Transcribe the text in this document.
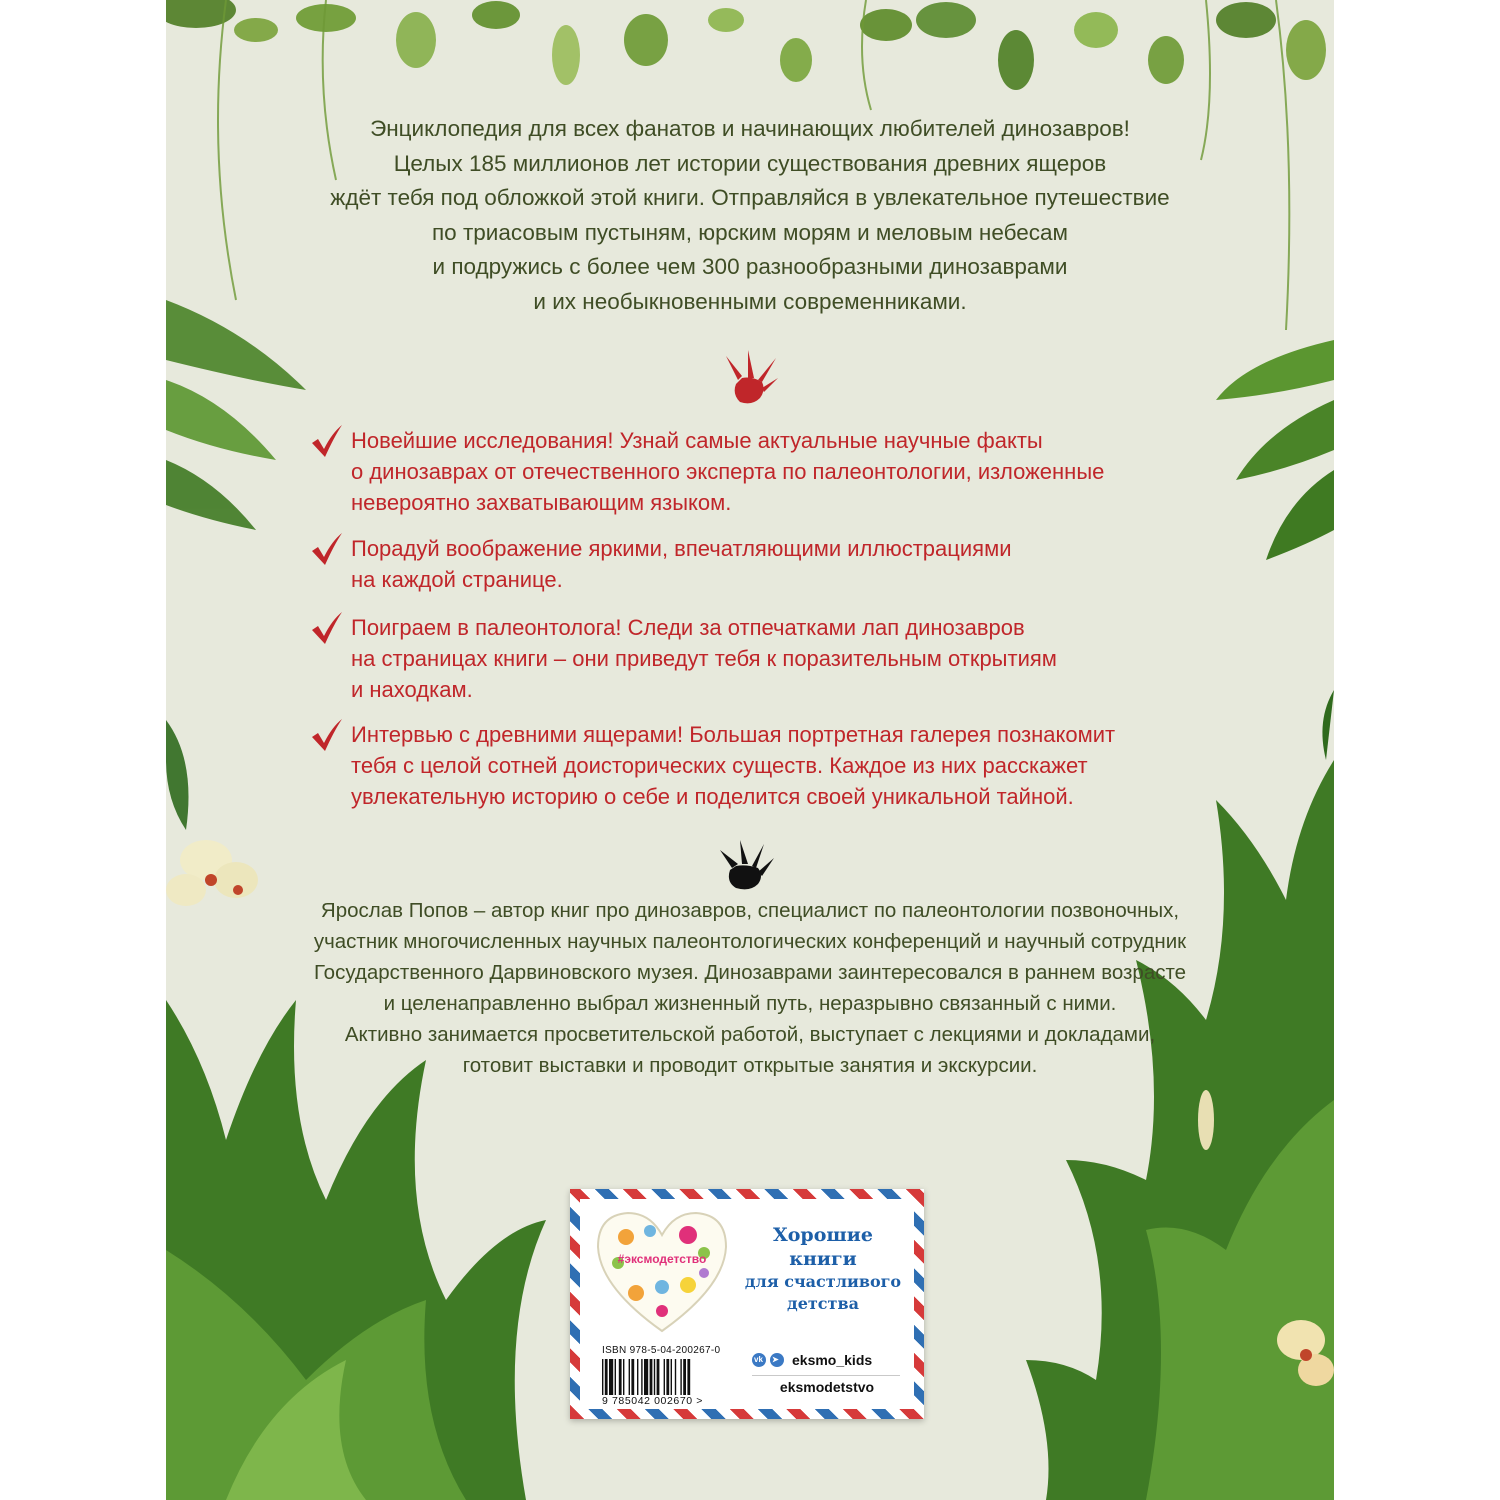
Энциклопедия для всех фанатов и начинающих любителей динозавров!
Целых 185 миллионов лет истории существования древних ящеров
ждёт тебя под обложкой этой книги. Отправляйся в увлекательное путешествие
по триасовым пустыням, юрским морям и меловым небесам
и подружись с более чем 300 разнообразными динозаврами
и их необыкновенными современниками.
Новейшие исследования! Узнай самые актуальные научные факты
о динозаврах от отечественного эксперта по палеонтологии, изложенные
невероятно захватывающим языком.
Порадуй воображение яркими, впечатляющими иллюстрациями
на каждой странице.
Поиграем в палеонтолога! Следи за отпечатками лап динозавров
на страницах книги – они приведут тебя к поразительным открытиям
и находкам.
Интервью с древними ящерами! Большая портретная галерея познакомит
тебя с целой сотней доисторических существ. Каждое из них расскажет
увлекательную историю о себе и поделится своей уникальной тайной.
Ярослав Попов – автор книг про динозавров, специалист по палеонтологии позвоночных,
участник многочисленных научных палеонтологических конференций и научный сотрудник
Государственного Дарвиновского музея. Динозаврами заинтересовался в раннем возрасте
и целенаправленно выбрал жизненный путь, неразрывно связанный с ними.
Активно занимается просветительской работой, выступает с лекциями и докладами,
готовит выставки и проводит открытые занятия и экскурсии.
#эксмодетство
Хорошие
книги
для счастливого
детства
ISBN 978-5-04-200267-0
9 785042 002670 >
vk ➤ eksmo_kids
eksmodetstvo
